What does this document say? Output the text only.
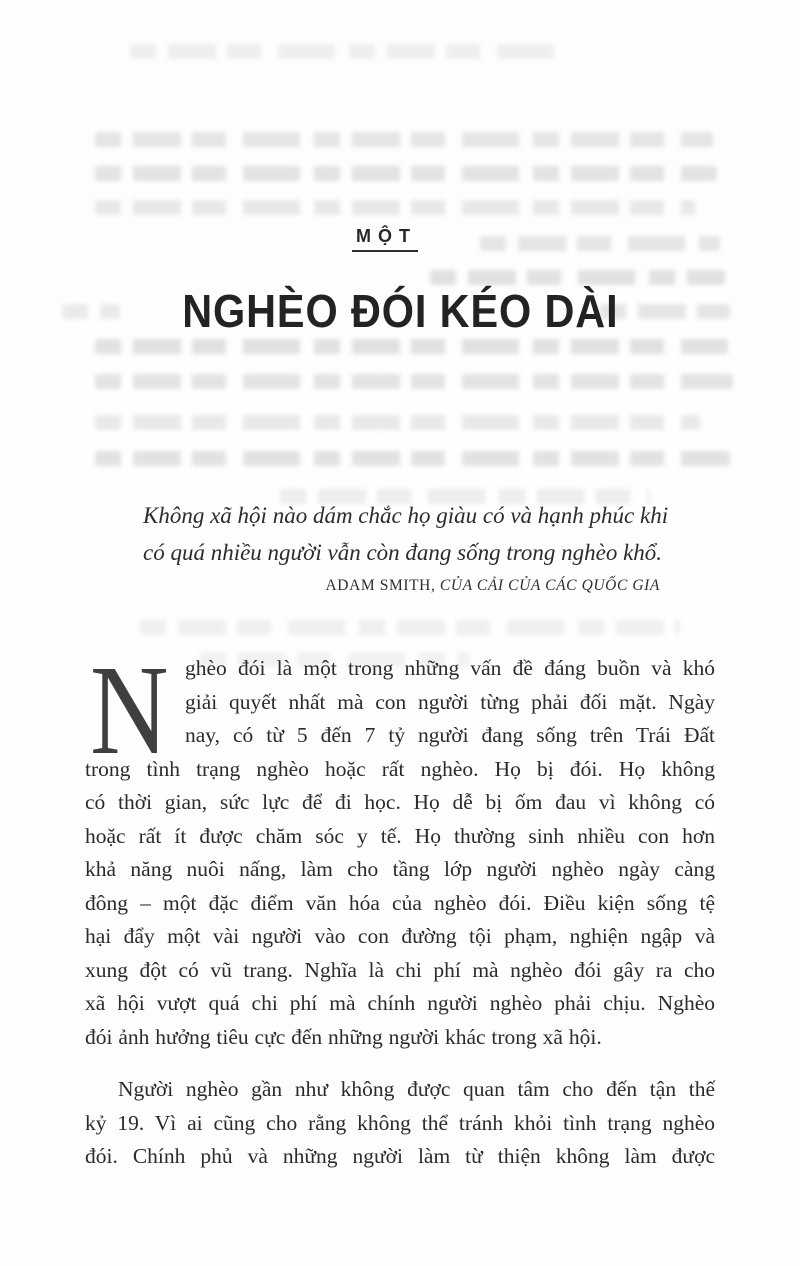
MỘT
NGHÈO ĐÓI KÉO DÀI
Không xã hội nào dám chắc họ giàu có và hạnh phúc khi
có quá nhiều người vẫn còn đang sống trong nghèo khổ.
ADAM SMITH, CỦA CẢI CỦA CÁC QUỐC GIA
N ghèo đói là một trong những vấn đề đáng buồn và khó
giải quyết nhất mà con người từng phải đối mặt. Ngày
nay, có từ 5 đến 7 tỷ người đang sống trên Trái Đất
trong tình trạng nghèo hoặc rất nghèo. Họ bị đói. Họ không
có thời gian, sức lực để đi học. Họ dễ bị ốm đau vì không có
hoặc rất ít được chăm sóc y tế. Họ thường sinh nhiều con hơn
khả năng nuôi nấng, làm cho tầng lớp người nghèo ngày càng
đông – một đặc điểm văn hóa của nghèo đói. Điều kiện sống tệ
hại đẩy một vài người vào con đường tội phạm, nghiện ngập và
xung đột có vũ trang. Nghĩa là chi phí mà nghèo đói gây ra cho
xã hội vượt quá chi phí mà chính người nghèo phải chịu. Nghèo
đói ảnh hưởng tiêu cực đến những người khác trong xã hội.
Người nghèo gần như không được quan tâm cho đến tận thế
kỷ 19. Vì ai cũng cho rằng không thể tránh khỏi tình trạng nghèo
đói. Chính phủ và những người làm từ thiện không làm được
